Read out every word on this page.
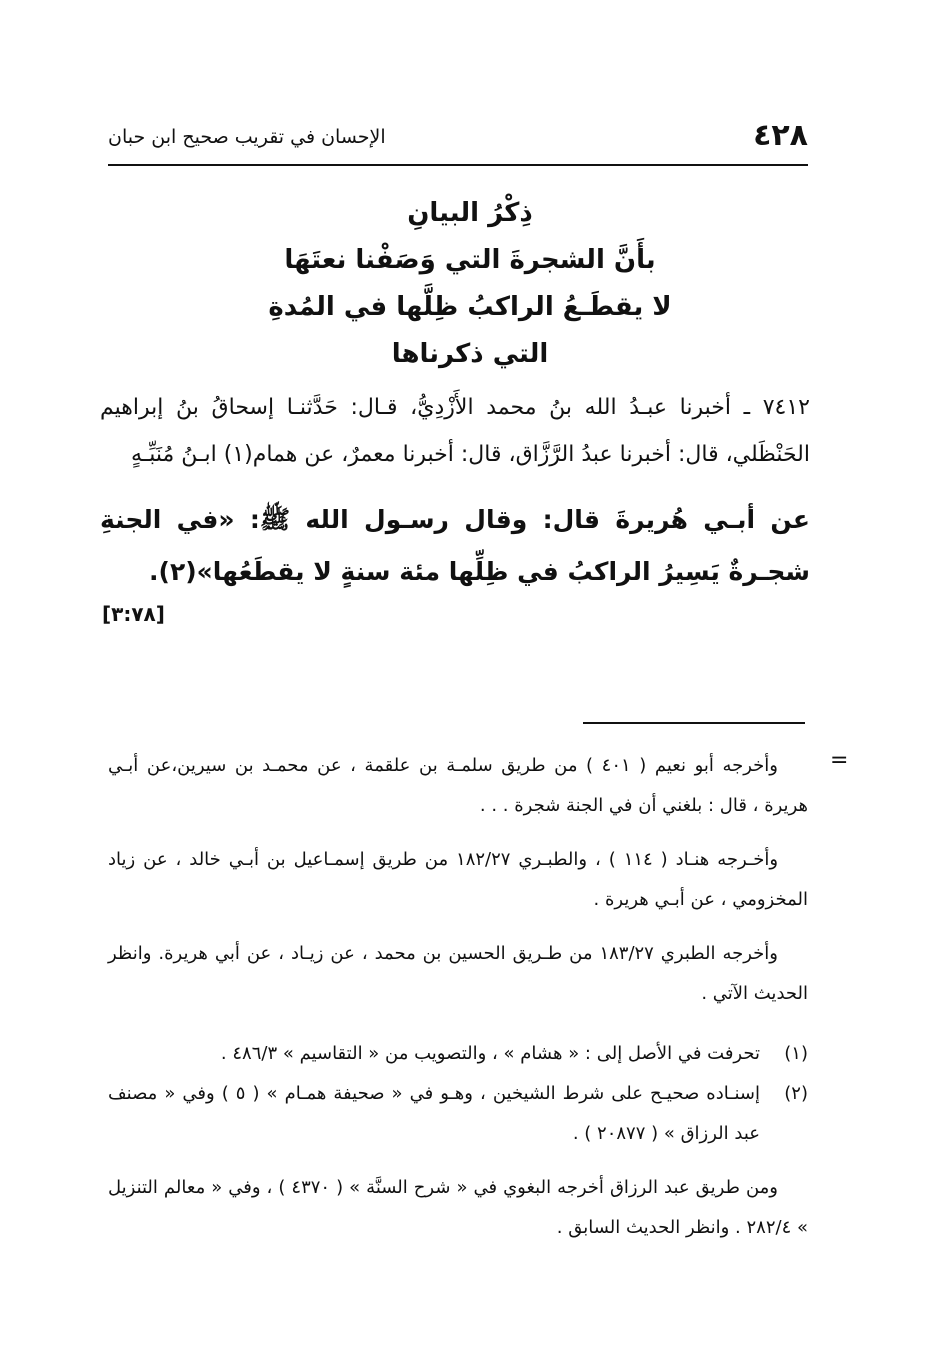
٤٢٨
الإحسان في تقريب صحيح ابن حبان
ذِكْرُ البيانِ
بأَنَّ الشجرةَ التي وَصَفْنا نعتَهَا
لا يقطَـعُ الراكبُ ظِلَّها في المُدةِ
التي ذكرناها

٧٤١٢ ـ أخبرنا عبـدُ الله بنُ محمد الأَزْدِيُّ، قـال: حَدَّثنـا إسحاقُ بنُ إبراهيم الحَنْظَلي، قال: أخبرنا عبدُ الرَّزَّاق، قال: أخبرنا معمرٌ، عن همام(١) ابـنُ مُنَبِّـهٍ

عن أبـي هُريرةَ قال: وقال رسـول الله ﷺ: «في الجنةِ شجـرةٌ يَسِيرُ الراكبُ في ظِلِّها مئة سنةٍ لا يقطَعُها»(٢).

[٣:٧٨]
=

وأخرجه أبو نعيم ( ٤٠١ ) من طريق سلمـة بن علقمة ، عن محمـد بن سيرين،عن أبـي هريرة ، قال : بلغني أن في الجنة شجرة . . .

وأخـرجه هنـاد ( ١١٤ ) ، والطبـري ١٨٢/٢٧ من طريق إسمـاعيل بن أبـي خالد ، عن زياد المخزومي ، عن أبـي هريرة .

وأخرجه الطبري ١٨٣/٢٧ من طـريق الحسين بن محمد ، عن زيـاد ، عن أبي هريرة. وانظر الحديث الآتي .

(١)
تحرفت في الأصل إلى : « هشام » ، والتصويب من « التقاسيم » ٤٨٦/٣ .

(٢)
إسنـاده صحيـح على شرط الشيخين ، وهـو في « صحيفة همـام » ( ٥ ) وفي « مصنف عبد الرزاق » ( ٢٠٨٧٧ ) .

ومن طريق عبد الرزاق أخرجه البغوي في « شرح السنَّة » ( ٤٣٧٠ ) ، وفي « معالم التنزيل » ٢٨٢/٤ . وانظر الحديث السابق .
